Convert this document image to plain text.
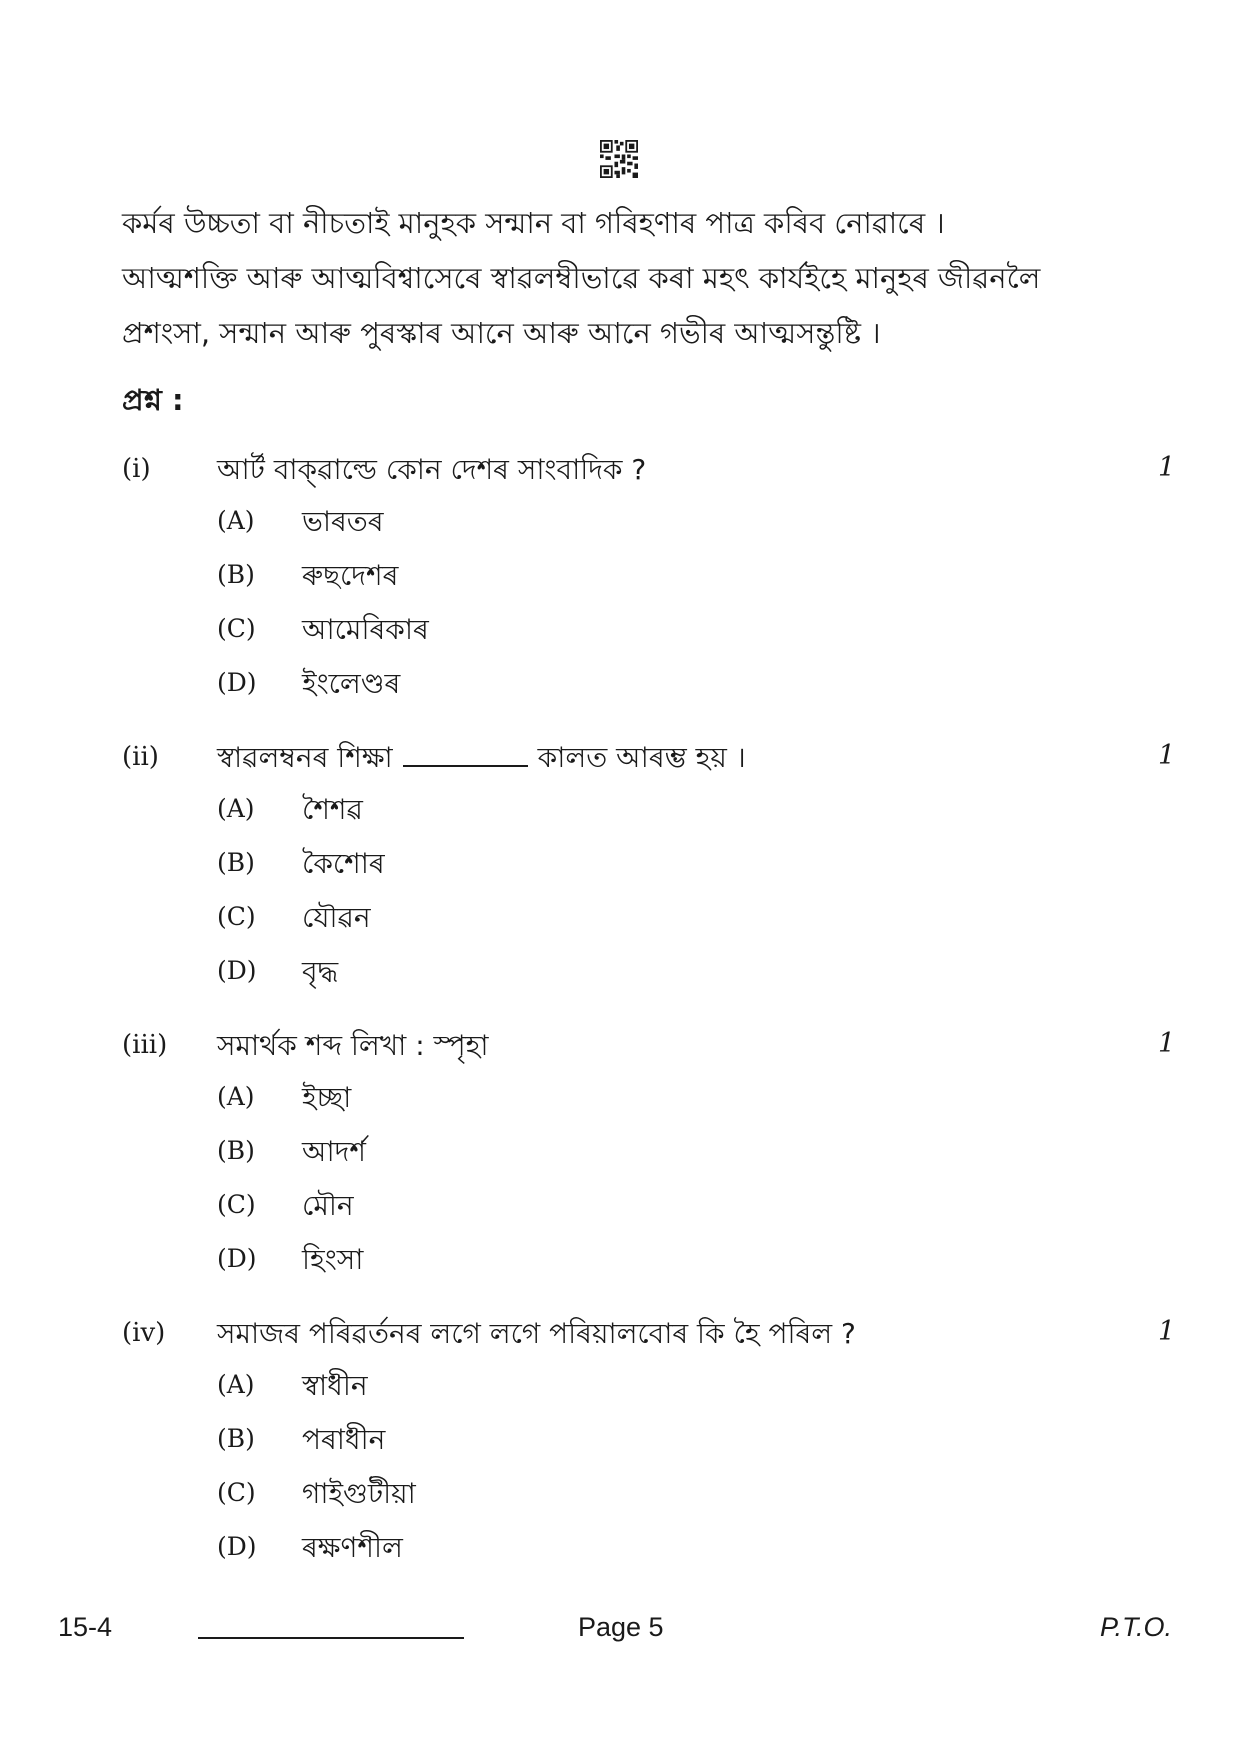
কৰ্মৰ উচ্চতা বা নীচতাই মানুহক সন্মান বা গৰিহণাৰ পাত্ৰ কৰিব নোৱাৰে ।
আত্মশক্তি আৰু আত্মবিশ্বাসেৰে স্বাৱলম্বীভাৱে কৰা মহৎ কাৰ্যইহে মানুহৰ জীৱনলৈ
প্ৰশংসা, সন্মান আৰু পুৰস্কাৰ আনে আৰু আনে গভীৰ আত্মসন্তুষ্টি ।
প্ৰশ্ন :
(i) আৰ্ট বাক্ৱাল্ডে কোন দেশৰ সাংবাদিক ?	1
(A) ভাৰতৰ
(B) ৰুছদেশৰ
(C) আমেৰিকাৰ
(D) ইংলেণ্ডৰ
(ii) স্বাৱলম্বনৰ শিক্ষা	কালত আৰম্ভ হয় ।	1
(A) শৈশৱ
(B) কৈশোৰ
(C) যৌৱন
(D) বৃদ্ধ
(iii) সমাৰ্থক শব্দ লিখা : স্পৃহা	1
(A) ইচ্ছা
(B) আদৰ্শ
(C) মৌন
(D) হিংসা
(iv) সমাজৰ পৰিৱৰ্তনৰ লগে লগে পৰিয়ালবোৰ কি হৈ পৰিল ?	1
(A) স্বাধীন
(B) পৰাধীন
(C) গাইগুটীয়া
(D) ৰক্ষণশীল
15-4	Page 5	P.T.O.
